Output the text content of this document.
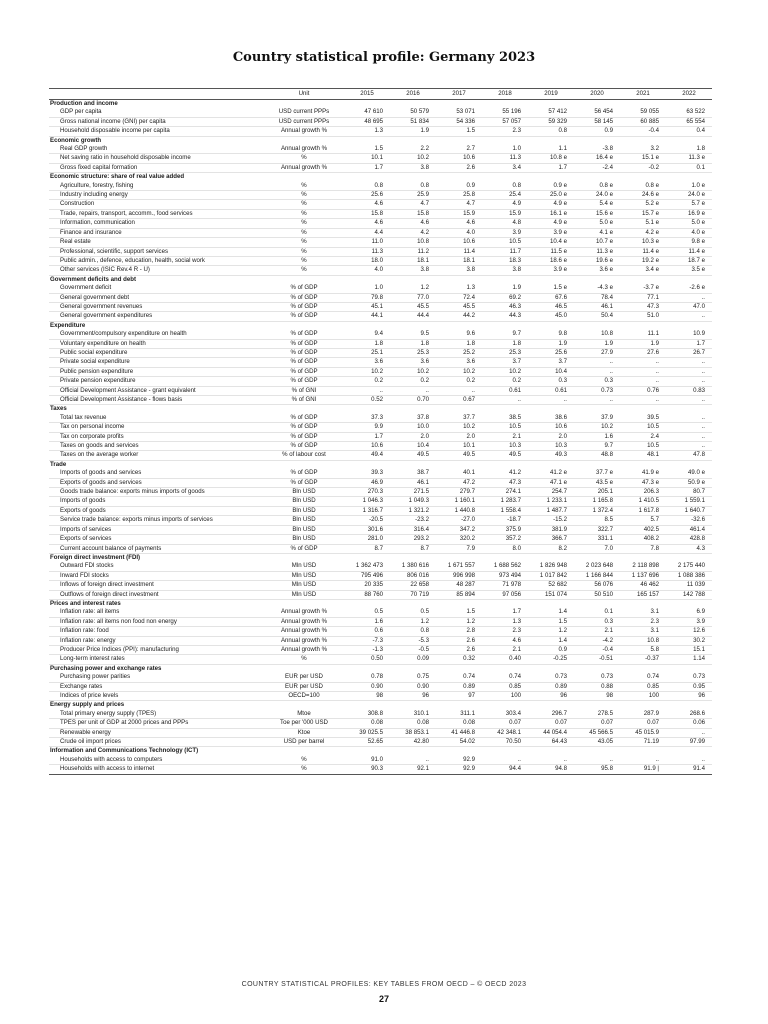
Country statistical profile: Germany 2023
	Unit	2015	2016	2017	2018	2019	2020	2021	2022
Production and income									
GDP per capita	USD current PPPs	47 610	50 579	53 071	55 196	57 412	56 454	59 055	63 522
Gross national income (GNI) per capita	USD current PPPs	48 695	51 834	54 336	57 057	59 329	58 145	60 885	65 554
Household disposable income per capita	Annual growth %	1.3	1.9	1.5	2.3	0.8	0.9	-0.4	0.4
Economic growth									
Real GDP growth	Annual growth %	1.5	2.2	2.7	1.0	1.1	-3.8	3.2	1.8
Net saving ratio in household disposable income	%	10.1	10.2	10.6	11.3	10.8 e	16.4 e	15.1 e	11.3 e
Gross fixed capital formation	Annual growth %	1.7	3.8	2.6	3.4	1.7	-2.4	-0.2	0.1
Economic structure: share of real value added									
Agriculture, forestry, fishing	%	0.8	0.8	0.9	0.8	0.9 e	0.8 e	0.8 e	1.0 e
Industry including energy	%	25.6	25.9	25.8	25.4	25.0 e	24.0 e	24.6 e	24.0 e
Construction	%	4.6	4.7	4.7	4.9	4.9 e	5.4 e	5.2 e	5.7 e
Trade, repairs, transport, accomm., food services	%	15.8	15.8	15.9	15.9	16.1 e	15.6 e	15.7 e	16.9 e
Information, communication	%	4.6	4.6	4.6	4.8	4.9 e	5.0 e	5.1 e	5.0 e
Finance and insurance	%	4.4	4.2	4.0	3.9	3.9 e	4.1 e	4.2 e	4.0 e
Real estate	%	11.0	10.8	10.6	10.5	10.4 e	10.7 e	10.3 e	9.8 e
Professional, scientific, support services	%	11.3	11.2	11.4	11.7	11.5 e	11.3 e	11.4 e	11.4 e
Public admin., defence, education, health, social work	%	18.0	18.1	18.1	18.3	18.6 e	19.6 e	19.2 e	18.7 e
Other services (ISIC Rev.4 R - U)	%	4.0	3.8	3.8	3.8	3.9 e	3.6 e	3.4 e	3.5 e
Government deficits and debt									
Government deficit	% of GDP	1.0	1.2	1.3	1.9	1.5 e	-4.3 e	-3.7 e	-2.6 e
General government debt	% of GDP	79.8	77.0	72.4	69.2	67.6	78.4	77.1	..
General government revenues	% of GDP	45.1	45.5	45.5	46.3	46.5	46.1	47.3	47.0
General government expenditures	% of GDP	44.1	44.4	44.2	44.3	45.0	50.4	51.0	..
Expenditure									
Government/compulsory expenditure on health	% of GDP	9.4	9.5	9.6	9.7	9.8	10.8	11.1	10.9
Voluntary expenditure on health	% of GDP	1.8	1.8	1.8	1.8	1.9	1.9	1.9	1.7
Public social expenditure	% of GDP	25.1	25.3	25.2	25.3	25.6	27.9	27.6	26.7
Private social expenditure	% of GDP	3.6	3.6	3.6	3.7	3.7	..	..	..
Public pension expenditure	% of GDP	10.2	10.2	10.2	10.2	10.4	..	..	..
Private pension expenditure	% of GDP	0.2	0.2	0.2	0.2	0.3	0.3	..	..
Official Development Assistance - grant equivalent	% of GNI	..	..	..	0.61	0.61	0.73	0.76	0.83
Official Development Assistance - flows basis	% of GNI	0.52	0.70	0.67	..	..	..	..	..
Taxes									
Total tax revenue	% of GDP	37.3	37.8	37.7	38.5	38.6	37.9	39.5	..
Tax on personal income	% of GDP	9.9	10.0	10.2	10.5	10.6	10.2	10.5	..
Tax on corporate profits	% of GDP	1.7	2.0	2.0	2.1	2.0	1.6	2.4	..
Taxes on goods and services	% of GDP	10.6	10.4	10.1	10.3	10.3	9.7	10.5	..
Taxes on the average worker	% of labour cost	49.4	49.5	49.5	49.5	49.3	48.8	48.1	47.8
Trade									
Imports of goods and services	% of GDP	39.3	38.7	40.1	41.2	41.2 e	37.7 e	41.9 e	49.0 e
Exports of goods and services	% of GDP	46.9	46.1	47.2	47.3	47.1 e	43.5 e	47.3 e	50.9 e
Goods trade balance: exports minus imports of goods	Bln USD	270.3	271.5	279.7	274.1	254.7	205.1	206.3	80.7
Imports of goods	Bln USD	1 046.3	1 049.3	1 160.1	1 283.7	1 233.1	1 165.8	1 410.5	1 559.1
Exports of goods	Bln USD	1 316.7	1 321.2	1 440.8	1 558.4	1 487.7	1 372.4	1 617.8	1 640.7
Service trade balance: exports minus imports of services	Bln USD	-20.5	-23.2	-27.0	-18.7	-15.2	8.5	5.7	-32.6
Imports of services	Bln USD	301.6	316.4	347.2	375.9	381.9	322.7	402.5	461.4
Exports of services	Bln USD	281.0	293.2	320.2	357.2	366.7	331.1	408.2	428.8
Current account balance of payments	% of GDP	8.7	8.7	7.9	8.0	8.2	7.0	7.8	4.3
Foreign direct investment (FDI)									
Outward FDI stocks	Mln USD	1 362 473	1 380 616	1 671 557	1 688 562	1 826 948	2 023 648	2 118 898	2 175 440
Inward FDI stocks	Mln USD	795 496	806 016	996 998	973 494	1 017 842	1 166 844	1 137 696	1 088 386
Inflows of foreign direct investment	Mln USD	20 335	22 658	48 287	71 978	52 682	56 076	46 462	11 039
Outflows of foreign direct investment	Mln USD	88 760	70 719	85 894	97 056	151 074	50 510	165 157	142 788
Prices and interest rates									
Inflation rate: all items	Annual growth %	0.5	0.5	1.5	1.7	1.4	0.1	3.1	6.9
Inflation rate: all items non food non energy	Annual growth %	1.6	1.2	1.2	1.3	1.5	0.3	2.3	3.9
Inflation rate: food	Annual growth %	0.6	0.8	2.8	2.3	1.2	2.1	3.1	12.6
Inflation rate: energy	Annual growth %	-7.3	-5.3	2.6	4.6	1.4	-4.2	10.8	30.2
Producer Price Indices (PPI): manufacturing	Annual growth %	-1.3	-0.5	2.6	2.1	0.9	-0.4	5.8	15.1
Long-term interest rates	%	0.50	0.09	0.32	0.40	-0.25	-0.51	-0.37	1.14
Purchasing power and exchange rates									
Purchasing power parities	EUR per USD	0.78	0.75	0.74	0.74	0.73	0.73	0.74	0.73
Exchange rates	EUR per USD	0.90	0.90	0.89	0.85	0.89	0.88	0.85	0.95
Indices of price levels	OECD=100	98	96	97	100	96	98	100	96
Energy supply and prices									
Total primary energy supply (TPES)	Mtoe	308.8	310.1	311.1	303.4	296.7	278.5	287.9	268.6
TPES per unit of GDP at 2000 prices and PPPs	Toe per '000 USD	0.08	0.08	0.08	0.07	0.07	0.07	0.07	0.06
Renewable energy	Ktoe	39 025.5	38 853.1	41 446.8	42 348.1	44 054.4	45 566.5	45 015.9	..
Crude oil import prices	USD per barrel	52.65	42.80	54.02	70.50	64.43	43.05	71.19	97.99
Information and Communications Technology (ICT)									
Households with access to computers	%	91.0	..	92.9	..	..	..	..	..
Households with access to internet	%	90.3	92.1	92.9	94.4	94.8	95.8	91.9 |	91.4
COUNTRY STATISTICAL PROFILES: KEY TABLES FROM OECD – © OECD 2023
27
